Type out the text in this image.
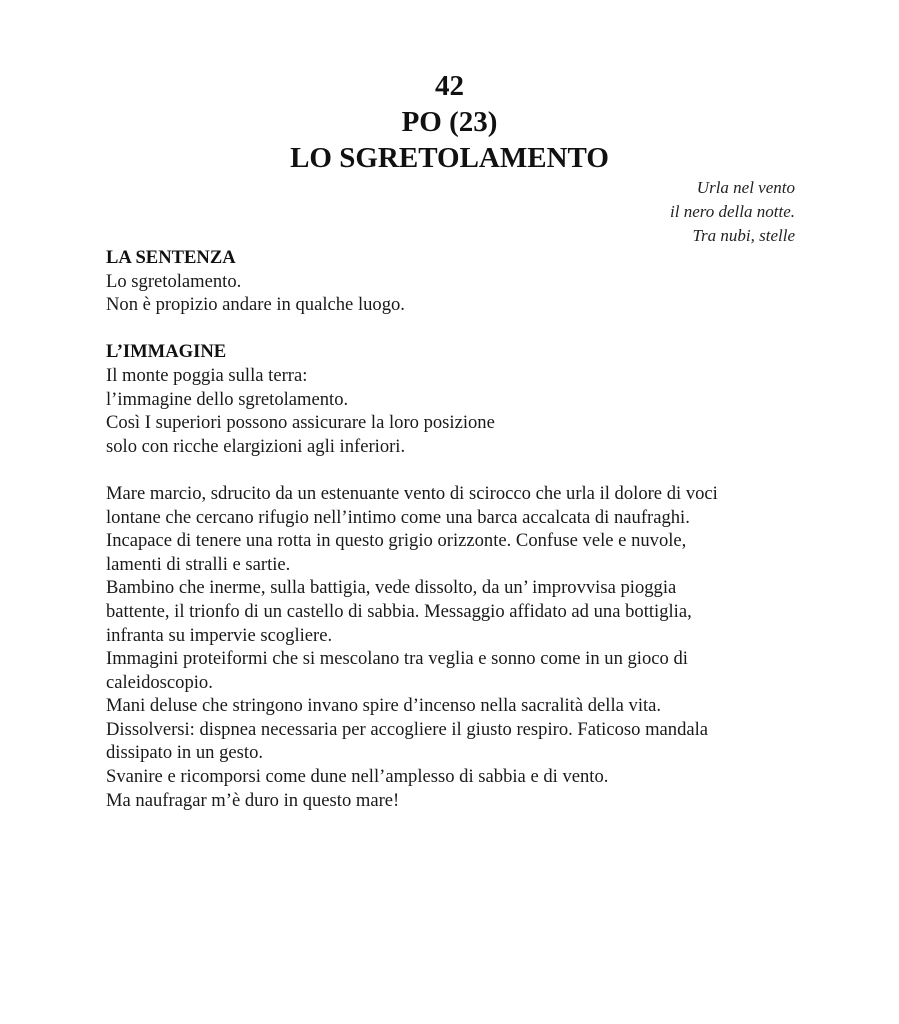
42
PO (23)
LO SGRETOLAMENTO
Urla nel vento
il nero della notte.
Tra nubi, stelle
LA SENTENZA
Lo sgretolamento.
Non è propizio andare in qualche luogo.
L’IMMAGINE
Il monte poggia sulla terra:
l’immagine dello sgretolamento.
Così I superiori possono assicurare la loro posizione
solo con ricche elargizioni agli inferiori.
Mare marcio, sdrucito da un estenuante vento di scirocco che urla il dolore di voci
lontane che cercano rifugio nell’intimo come una barca accalcata di naufraghi.
Incapace di tenere una rotta in questo grigio orizzonte. Confuse vele e nuvole,
lamenti di stralli e sartie.
Bambino che inerme, sulla battigia, vede dissolto, da un’ improvvisa pioggia
battente, il trionfo di un castello di sabbia. Messaggio affidato ad una bottiglia,
infranta su impervie scogliere.
Immagini proteiformi che si mescolano tra veglia e sonno come in un gioco di
caleidoscopio.
Mani deluse che stringono invano spire d’incenso nella sacralità della vita.
Dissolversi: dispnea necessaria per accogliere il giusto respiro. Faticoso mandala
dissipato in un gesto.
Svanire e ricomporsi come dune nell’amplesso di sabbia e di vento.
Ma naufragar m’è duro in questo mare!
